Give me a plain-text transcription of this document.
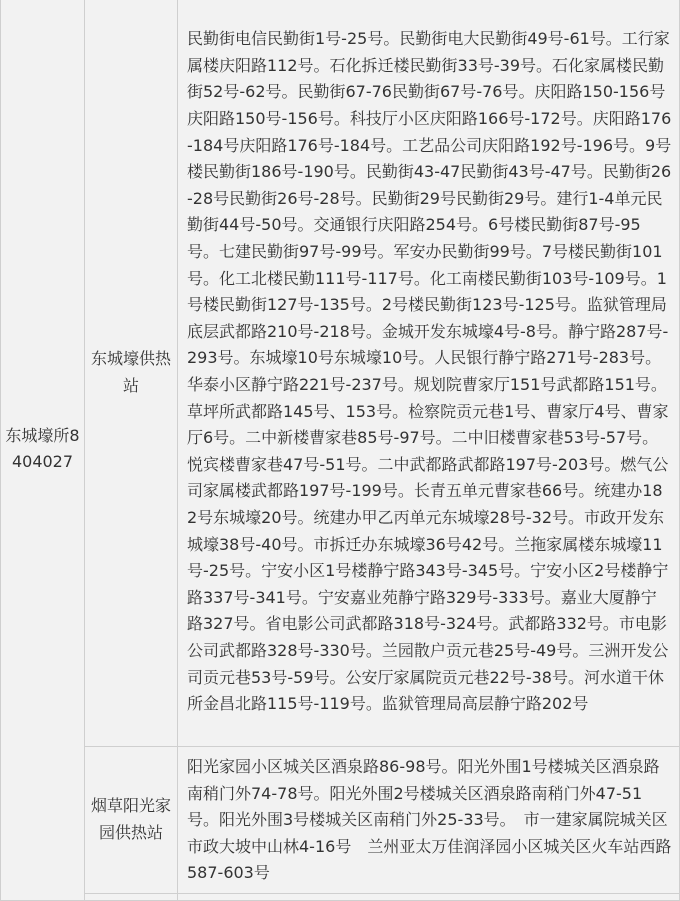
东城壕所8404027	东城壕供热站	民勤街电信民勤街1号-25号。民勤街电大民勤街49号-61号。工行家属楼庆阳路112号。石化拆迁楼民勤街33号-39号。石化家属楼民勤街52号-62号。民勤街67-76民勤街67号-76号。庆阳路150-156号庆阳路150号-156号。科技厅小区庆阳路166号-172号。庆阳路176-184号庆阳路176号-184号。工艺品公司庆阳路192号-196号。9号楼民勤街186号-190号。民勤街43-47民勤街43号-47号。民勤街26-28号民勤街26号-28号。民勤街29号民勤街29号。建行1-4单元民勤街44号-50号。交通银行庆阳路254号。6号楼民勤街87号-95号。七建民勤街97号-99号。军安办民勤街99号。7号楼民勤街101号。化工北楼民勤111号-117号。化工南楼民勤街103号-109号。1号楼民勤街127号-135号。2号楼民勤街123号-125号。监狱管理局底层武都路210号-218号。金城开发东城壕4号-8号。静宁路287号-293号。东城壕10号东城壕10号。人民银行静宁路271号-283号。华泰小区静宁路221号-237号。规划院曹家厅151号武都路151号。草坪所武都路145号、153号。检察院贡元巷1号、曹家厅4号、曹家厅6号。二中新楼曹家巷85号-97号。二中旧楼曹家巷53号-57号。悦宾楼曹家巷47号-51号。二中武都路武都路197号-203号。燃气公司家属楼武都路197号-199号。长青五单元曹家巷66号。统建办182号东城壕20号。统建办甲乙丙单元东城壕28号-32号。市政开发东城壕38号-40号。市拆迁办东城壕36号42号。兰拖家属楼东城壕11号-25号。宁安小区1号楼静宁路343号-345号。宁安小区2号楼静宁路337号-341号。宁安嘉业苑静宁路329号-333号。嘉业大厦静宁路327号。省电影公司武都路318号-324号。武都路332号。市电影公司武都路328号-330号。兰园散户贡元巷25号-49号。三洲开发公司贡元巷53号-59号。公安厅家属院贡元巷22号-38号。河水道干休所金昌北路115号-119号。监狱管理局高层静宁路202号
	烟草阳光家园供热站	阳光家园小区城关区酒泉路86-98号。阳光外围1号楼城关区酒泉路南稍门外74-78号。阳光外围2号楼城关区酒泉路南稍门外47-51号。阳光外围3号楼城关区南稍门外25-33号。　市一建家属院城关区市政大坡中山林4-16号　兰州亚太万佳润泽园小区城关区火车站西路587-603号
